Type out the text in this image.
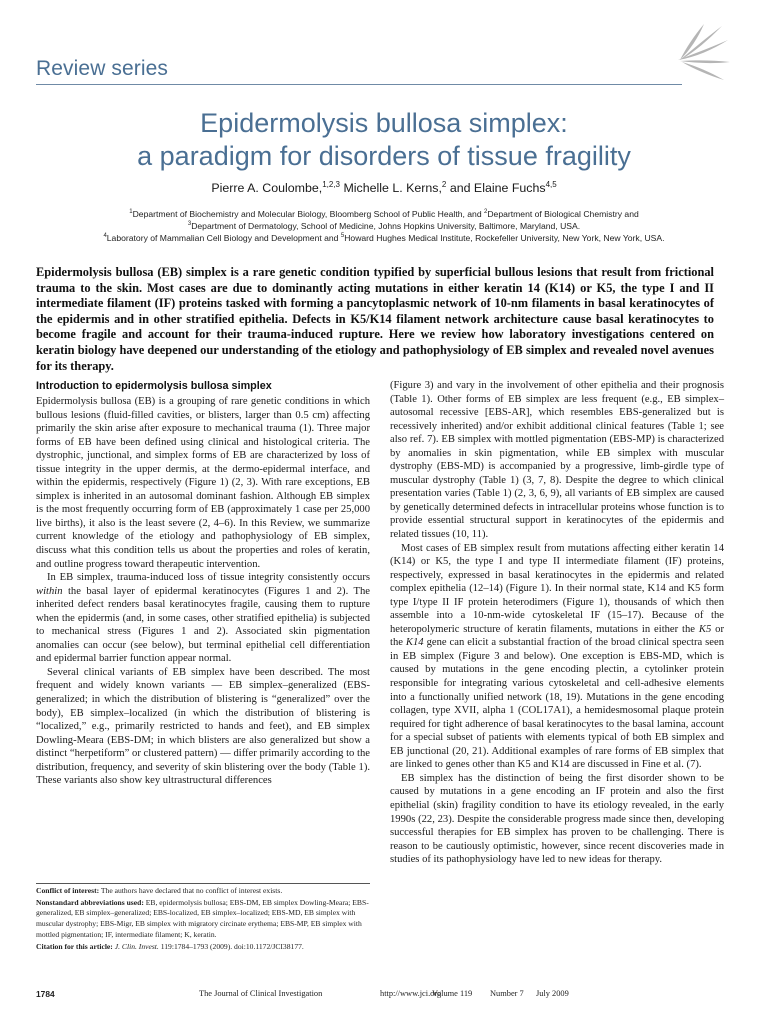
Review series
Epidermolysis bullosa simplex:
a paradigm for disorders of tissue fragility
Pierre A. Coulombe,$^{1,2,3}$ Michelle L. Kerns,$^2$ and Elaine Fuchs$^{4,5}$
$^1$Department of Biochemistry and Molecular Biology, Bloomberg School of Public Health, and $^2$Department of Biological Chemistry and
$^3$Department of Dermatology, School of Medicine, Johns Hopkins University, Baltimore, Maryland, USA.
$^4$Laboratory of Mammalian Cell Biology and Development and $^5$Howard Hughes Medical Institute, Rockefeller University, New York, New York, USA.
Epidermolysis bullosa (EB) simplex is a rare genetic condition typified by superficial bullous lesions that result from frictional trauma to the skin. Most cases are due to dominantly acting mutations in either keratin 14 (K14) or K5, the type I and II intermediate filament (IF) proteins tasked with forming a pancytoplasmic network of 10-nm filaments in basal keratinocytes of the epidermis and in other stratified epithelia. Defects in K5/K14 filament network architecture cause basal keratinocytes to become fragile and account for their trauma-induced rupture. Here we review how laboratory investigations centered on keratin biology have deepened our understanding of the etiology and pathophysiology of EB simplex and revealed novel avenues for its therapy.
Introduction to epidermolysis bullosa simplex

Epidermolysis bullosa (EB) is a grouping of rare genetic conditions in which bullous lesions (fluid-filled cavities, or blisters, larger than 0.5 cm) affecting primarily the skin arise after exposure to mechanical trauma (1). Three major forms of EB have been defined using clinical and histological criteria. The dystrophic, junctional, and simplex forms of EB are characterized by loss of tissue integrity in the upper dermis, at the dermo-epidermal interface, and within the epidermis, respectively (Figure 1) (2, 3). With rare exceptions, EB simplex is inherited in an autosomal dominant fashion. Although EB simplex is the most frequently occurring form of EB (approximately 1 case per 25,000 live births), it also is the least severe (2, 4–6). In this Review, we summarize current knowledge of the etiology and pathophysiology of EB simplex, discuss what this condition tells us about the properties and roles of keratin, and outline progress toward therapeutic intervention.

In EB simplex, trauma-induced loss of tissue integrity consistently occurs within the basal layer of epidermal keratinocytes (Figures 1 and 2). The inherited defect renders basal keratinocytes fragile, causing them to rupture when the epidermis (and, in some cases, other stratified epithelia) is subjected to mechanical stress (Figures 1 and 2). Associated skin pigmentation anomalies can occur (see below), but terminal epithelial cell differentiation and epidermal barrier function appear normal.

Several clinical variants of EB simplex have been described. The most frequent and widely known variants — EB simplex–generalized (EBS-generalized; in which the distribution of blistering is “generalized” over the body), EB simplex–localized (in which the distribution of blistering is “localized,” e.g., primarily restricted to hands and feet), and EB simplex Dowling-Meara (EBS-DM; in which blisters are also generalized but show a distinct “herpetiform” or clustered pattern) — differ primarily according to the distribution, frequency, and severity of skin blistering over the body (Table 1). These variants also show key ultrastructural differences

(Figure 3) and vary in the involvement of other epithelia and their prognosis (Table 1). Other forms of EB simplex are less frequent (e.g., EB simplex–autosomal recessive [EBS-AR], which resembles EBS-generalized but is recessively inherited) and/or exhibit additional clinical features (Table 1; see also ref. 7). EB simplex with mottled pigmentation (EBS-MP) is characterized by anomalies in skin pigmentation, while EB simplex with muscular dystrophy (EBS-MD) is accompanied by a progressive, limb-girdle type of muscular dystrophy (Table 1) (3, 7, 8). Despite the degree to which clinical presentation varies (Table 1) (2, 3, 6, 9), all variants of EB simplex are caused by genetically determined defects in intracellular proteins whose function is to provide essential structural support in keratinocytes of the epidermis and related tissues (10, 11).

Most cases of EB simplex result from mutations affecting either keratin 14 (K14) or K5, the type I and type II intermediate filament (IF) proteins, respectively, expressed in basal keratinocytes in the epidermis and related complex epithelia (12–14) (Figure 1). In their normal state, K14 and K5 form type I/type II IF protein heterodimers (Figure 1), thousands of which then assemble into a 10-nm-wide cytoskeletal IF (15–17). Because of the heteropolymeric structure of keratin filaments, mutations in either the K5 or the K14 gene can elicit a substantial fraction of the broad clinical spectra seen in EB simplex (Figure 3 and below). One exception is EBS-MD, which is caused by mutations in the gene encoding plectin, a cytolinker protein responsible for integrating various cytoskeletal and cell-adhesive elements into a functionally unified network (18, 19). Mutations in the gene encoding collagen, type XVII, alpha 1 (COL17A1), a hemidesmosomal plaque protein required for tight adherence of basal keratinocytes to the basal lamina, account for a special subset of patients with elements typical of both EB simplex and EB junctional (20, 21). Additional examples of rare forms of EB simplex that are linked to genes other than K5 and K14 are discussed in Fine et al. (7).

EB simplex has the distinction of being the first disorder shown to be caused by mutations in a gene encoding an IF protein and also the first epithelial (skin) fragility condition to have its etiology revealed, in the early 1990s (22, 23). Despite the considerable progress made since then, developing successful therapies for EB simplex has proven to be challenging. There is reason to be cautiously optimistic, however, since recent discoveries made in studies of its pathophysiology have led to new ideas for therapy.

Conflict of interest: The authors have declared that no conflict of interest exists.

Nonstandard abbreviations used: EB, epidermolysis bullosa; EBS-DM, EB simplex Dowling-Meara; EBS-generalized, EB simplex–generalized; EBS-localized, EB simplex–localized; EBS-MD, EB simplex with muscular dystrophy; EBS-Migr, EB simplex with migratory circinate erythema; EBS-MP, EB simplex with mottled pigmentation; IF, intermediate filament; K, keratin.

Citation for this article: J. Clin. Invest. 119:1784–1793 (2009). doi:10.1172/JCI38177.

1784	The Journal of Clinical Investigation	http://www.jci.org
Volume 119 Number 7 July 2009
